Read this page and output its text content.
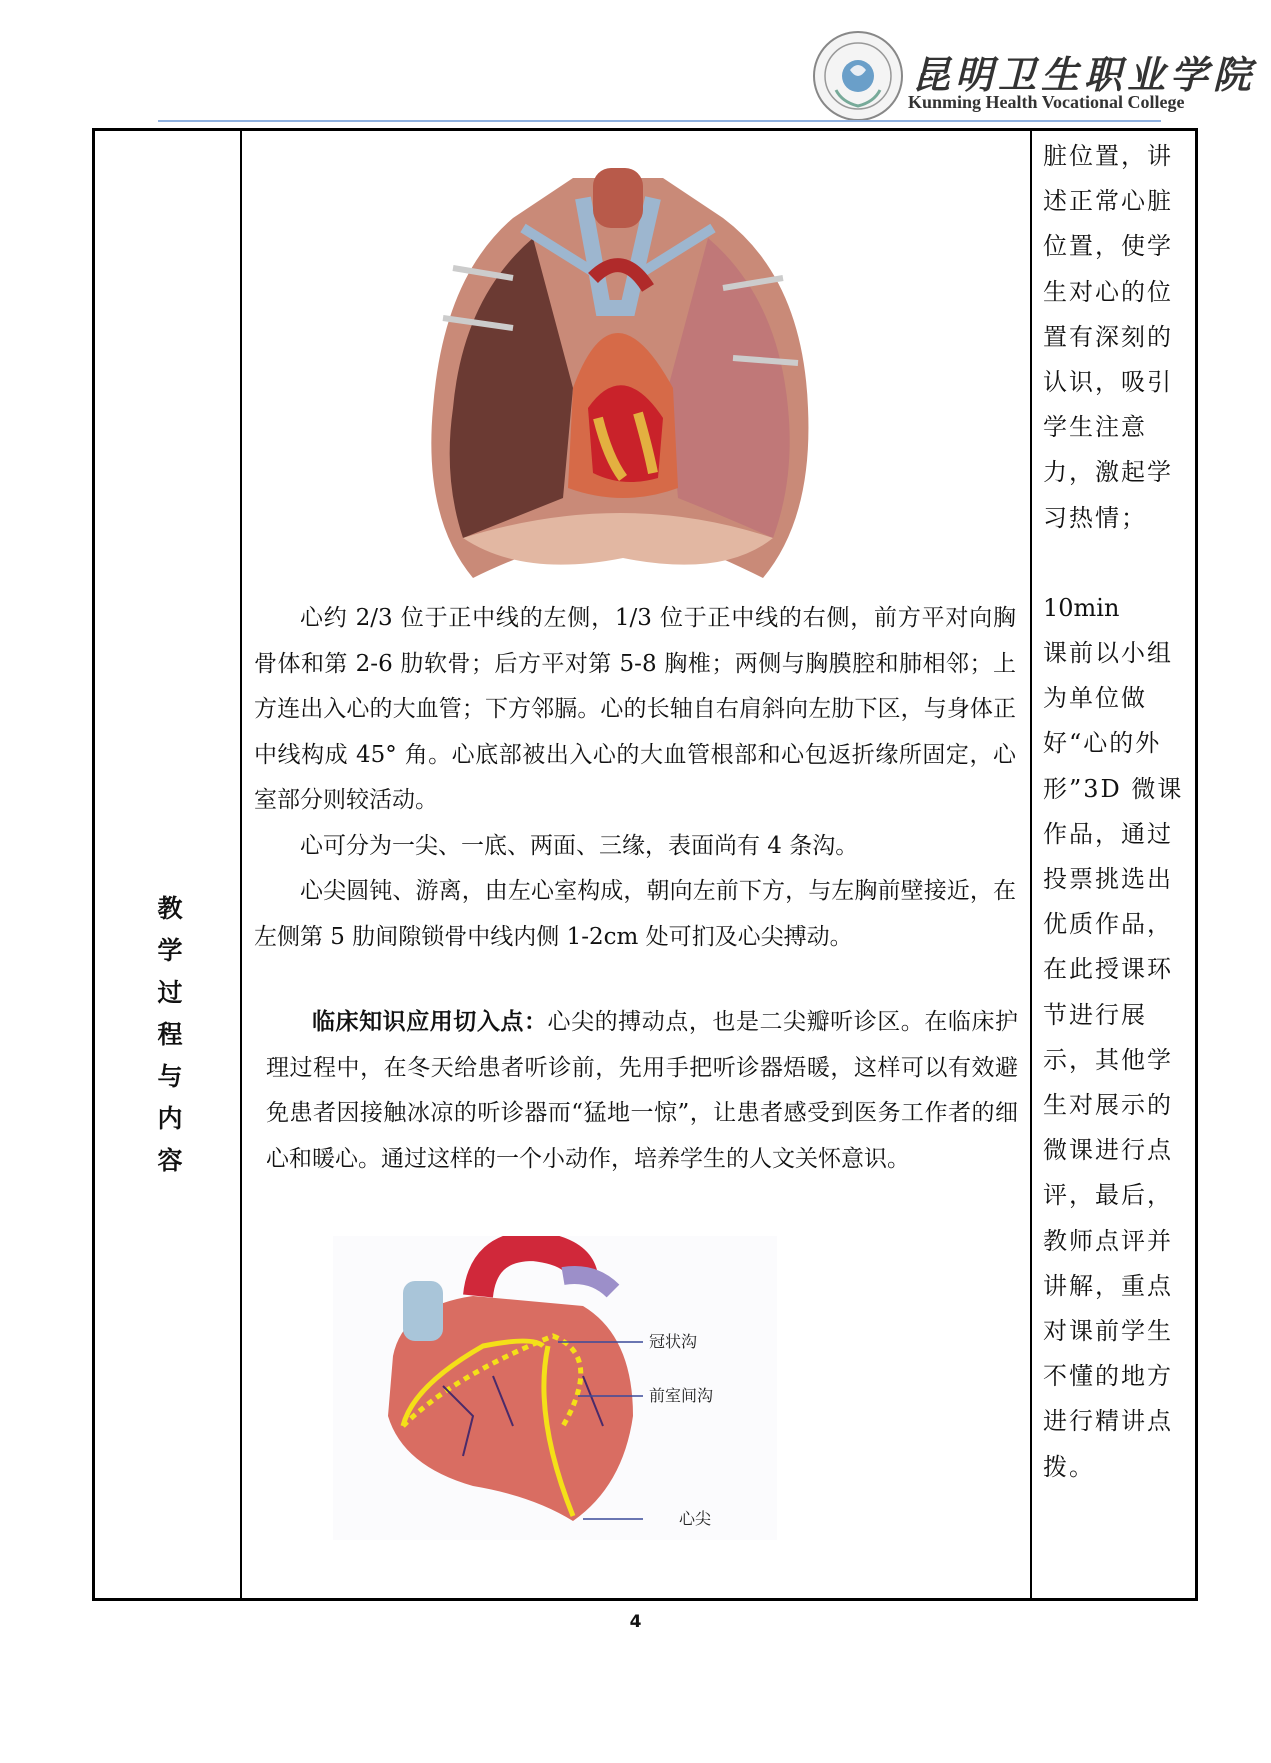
昆明卫生职业学院
Kunming Health Vocational College
教
学
过
程
与
内
容

心约 2/3 位于正中线的左侧，1/3 位于正中线的右侧，前方平对向胸骨体和第 2-6 肋软骨；后方平对第 5-8 胸椎；两侧与胸膜腔和肺相邻；上方连出入心的大血管；下方邻膈。心的长轴自右肩斜向左肋下区，与身体正中线构成 45° 角。心底部被出入心的大血管根部和心包返折缘所固定，心室部分则较活动。

心可分为一尖、一底、两面、三缘，表面尚有 4 条沟。

心尖圆钝、游离，由左心室构成，朝向左前下方，与左胸前壁接近，在左侧第 5 肋间隙锁骨中线内侧 1-2cm 处可扪及心尖搏动。

临床知识应用切入点：心尖的搏动点，也是二尖瓣听诊区。在临床护理过程中，在冬天给患者听诊前，先用手把听诊器焐暖，这样可以有效避免患者因接触冰凉的听诊器而“猛地一惊”，让患者感受到医务工作者的细心和暖心。通过这样的一个小动作，培养学生的人文关怀意识。

冠状沟
前室间沟
心尖

脏位置，讲述正常心脏位置，使学生对心的位置有深刻的认识，吸引学生注意力，激起学习热情；

10min

课前以小组为单位做好“心的外形”3D 微课作品，通过投票挑选出优质作品，在此授课环节进行展示，其他学生对展示的微课进行点评，最后，教师点评并讲解，重点对课前学生不懂的地方进行精讲点拨。

4
